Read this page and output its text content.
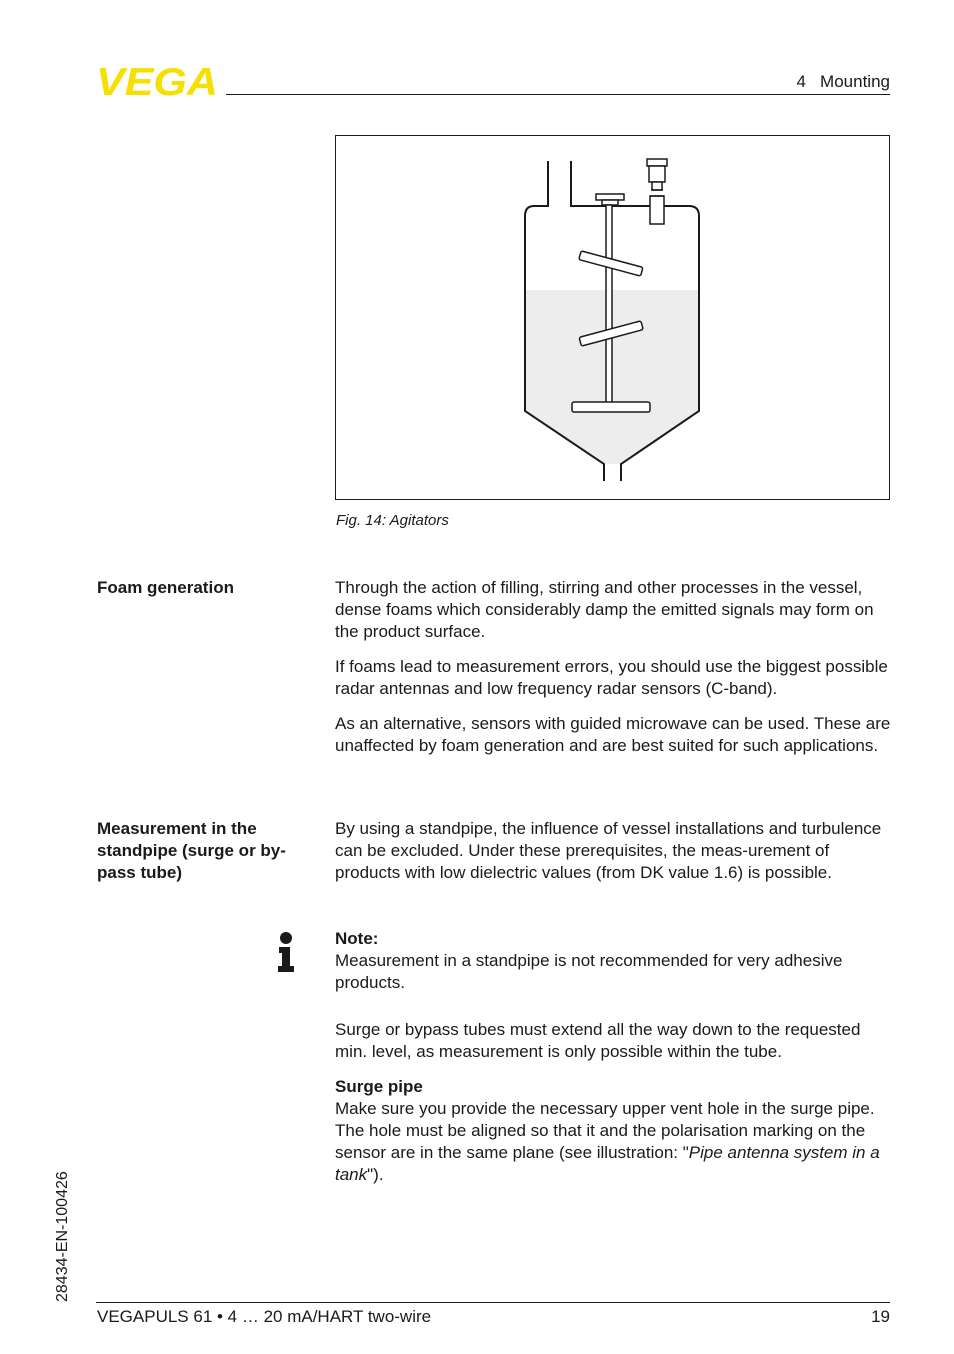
VEGA	4   Mounting
Fig. 14: Agitators
Foam generation	Through the action of filling, stirring and other processes in the vessel, dense foams which considerably damp the emitted signals may form on the product surface.

If foams lead to measurement errors, you should use the biggest possible radar antennas and low frequency radar sensors (C-band).

As an alternative, sensors with guided microwave can be used. These are unaffected by foam generation and are best suited for such applications.

Measurement in the standpipe (surge or by-pass tube)

By using a standpipe, the influence of vessel installations and turbulence can be excluded. Under these prerequisites, the meas-urement of products with low dielectric values (from DK value 1.6) is possible.

Note:

Measurement in a standpipe is not recommended for very adhesive products.

Surge or bypass tubes must extend all the way down to the requested min. level, as measurement is only possible within the tube.

Surge pipe

Make sure you provide the necessary upper vent hole in the surge pipe. The hole must be aligned so that it and the polarisation marking on the sensor are in the same plane (see illustration: "Pipe antenna system in a tank").

28434-EN-100426
VEGAPULS 61 • 4 … 20 mA/HART two-wire	19
